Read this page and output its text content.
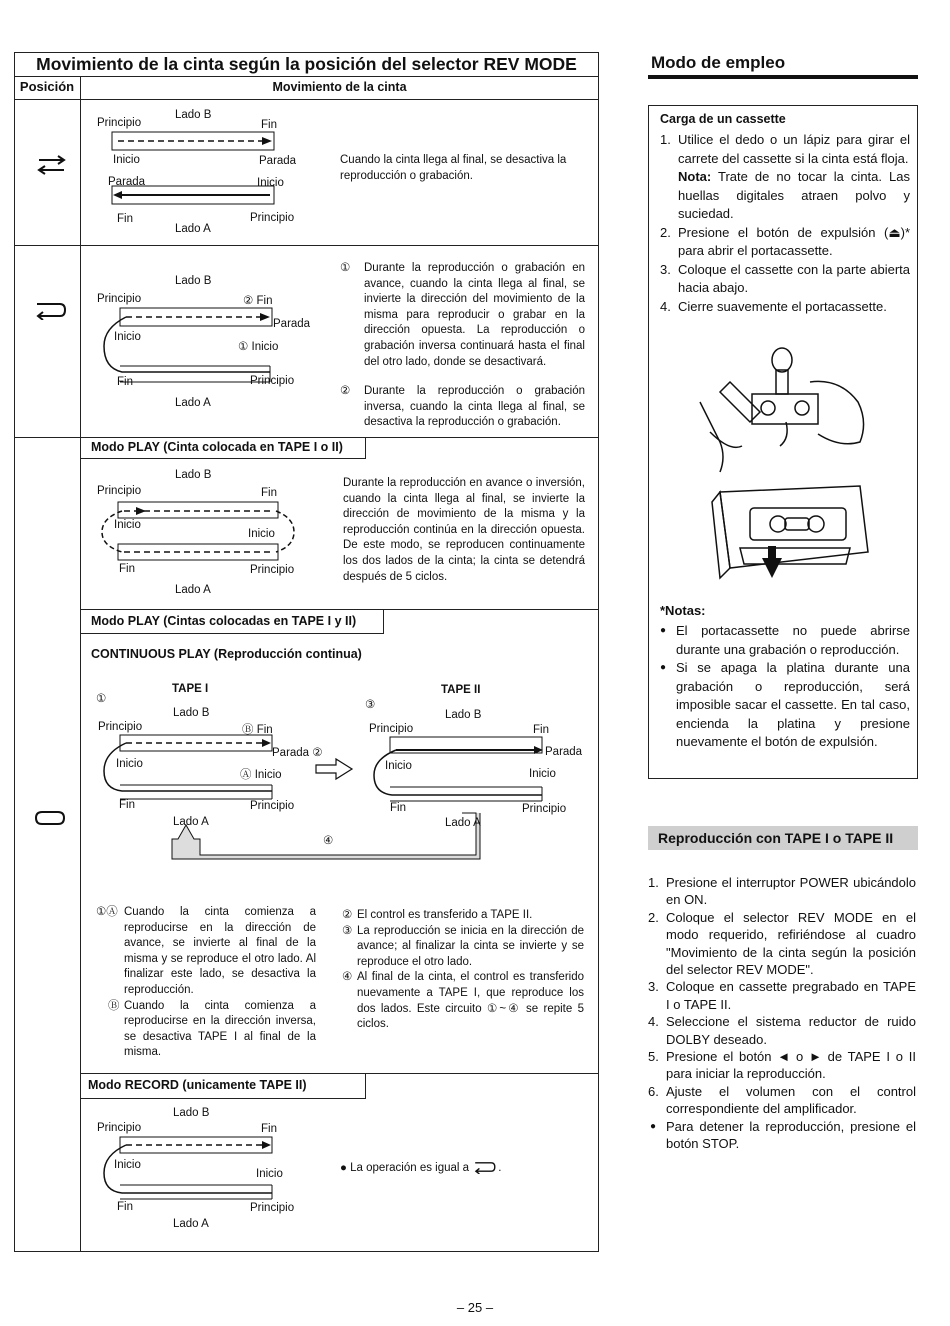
Movimiento de la cinta según la posición del selector REV MODE
Posición	Movimiento de la cinta
Lado B
Principio	Fin
Inicio	Parada
Parada	Inicio
Fin	Principio
Lado A
Cuando la cinta llega al final, se desactiva la reproducción o grabación.
Lado B
Principio	② Fin
Parada
Inicio
① Inicio
Fin	Principio
Lado A
① Durante la reproducción o grabación en avance, cuando la cinta llega al final, se invierte la dirección del movimiento de la misma para reproducir o grabar en la dirección opuesta. La reproducción o grabación inversa continuará hasta el final del otro lado, donde se desactivará.
② Durante la reproducción o grabación inversa, cuando la cinta llega al final, se desactiva la reproducción o grabación.
Modo PLAY (Cinta colocada en TAPE I o II)
Lado B
Principio	Fin
Inicio
Inicio
Fin	Principio
Lado A
Durante la reproducción en avance o inversión, cuando la cinta llega al final, se invierte la dirección de movimiento de la misma y la reproducción continúa en la dirección opuesta. De este modo, se reproducen continuamente los dos lados de la cinta; la cinta se detendrá después de 5 ciclos.
Modo PLAY (Cintas colocadas en TAPE I y II)
CONTINUOUS PLAY (Reproducción continua)
TAPE I	TAPE II
①	③
Lado B	Lado B
Principio	Ⓑ Fin	Principio	Fin
Parada ②	Parada
Inicio
Ⓐ Inicio
Inicio
Inicio
Fin	Principio	Fin	Principio
Lado A	Lado A
④
①Ⓐ Cuando la cinta comienza a reproducirse en la dirección de avance, se invierte al final de la misma y se reproduce el otro lado. Al finalizar este lado, se desactiva la reproducción.
Ⓑ Cuando la cinta comienza a reproducirse en la dirección inversa, se desactiva TAPE I al final de la misma.
② El control es transferido a TAPE II.
③ La reproducción se inicia en la dirección de avance; al finalizar la cinta se invierte y se reproduce el otro lado.
④ Al final de la cinta, el control es transferido nuevamente a TAPE I, que reproduce los dos lados. Este circuito ①~④ se repite 5 ciclos.
Modo RECORD (unicamente TAPE II)
Lado B
Principio	Fin
Inicio
Inicio
Fin	Principio
Lado A
● La operación es igual a	.
Modo de empleo
Carga de un cassette
1. Utilice el dedo o un lápiz para girar el carrete del cassette si la cinta está floja.
Nota: Trate de no tocar la cinta. Las huellas digitales atraen polvo y suciedad.
2. Presione el botón de expulsión (⏏)* para abrir el portacassette.
3. Coloque el cassette con la parte abierta hacia abajo.
4. Cierre suavemente el portacassette.
*Notas:
● El portacassette no puede abrirse durante una grabación o reproducción.
● Si se apaga la platina durante una grabación o reproducción, será imposible sacar el cassette. En tal caso, encienda la platina y presione nuevamente el botón de expulsión.
Reproducción con TAPE I o TAPE II
1. Presione el interruptor POWER ubicándolo en ON.
2. Coloque el selector REV MODE en el modo requerido, refiriéndose al cuadro "Movimiento de la cinta según la posición del selector REV MODE".
3. Coloque en cassette pregrabado en TAPE I o TAPE II.
4. Seleccione el sistema reductor de ruido DOLBY deseado.
5. Presione el botón ◄ o ► de TAPE I o II para iniciar la reproducción.
6. Ajuste el volumen con el control correspondiente del amplificador.
● Para detener la reproducción, presione el botón STOP.
– 25 –
